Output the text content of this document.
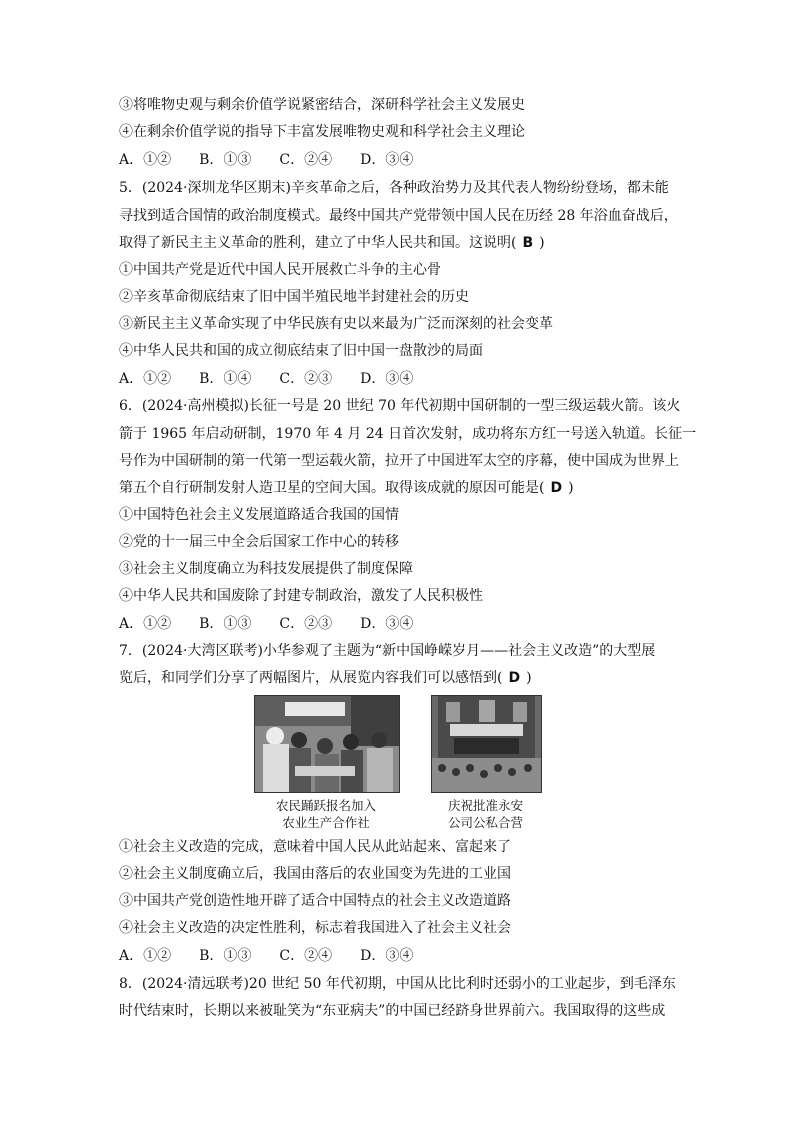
③将唯物史观与剩余价值学说紧密结合，深研科学社会主义发展史
④在剩余价值学说的指导下丰富发展唯物史观和科学社会主义理论
A．①② B．①③ C．②④ D．③④
5．(2024·深圳龙华区期末)辛亥革命之后，各种政治势力及其代表人物纷纷登场，都未能
寻找到适合国情的政治制度模式。最终中国共产党带领中国人民在历经 28 年浴血奋战后，
取得了新民主主义革命的胜利，建立了中华人民共和国。这说明( B )
①中国共产党是近代中国人民开展救亡斗争的主心骨
②辛亥革命彻底结束了旧中国半殖民地半封建社会的历史
③新民主主义革命实现了中华民族有史以来最为广泛而深刻的社会变革
④中华人民共和国的成立彻底结束了旧中国一盘散沙的局面
A．①② B．①④ C．②③ D．③④
6．(2024·高州模拟)长征一号是 20 世纪 70 年代初期中国研制的一型三级运载火箭。该火
箭于 1965 年启动研制，1970 年 4 月 24 日首次发射，成功将东方红一号送入轨道。长征一
号作为中国研制的第一代第一型运载火箭，拉开了中国进军太空的序幕，使中国成为世界上
第五个自行研制发射人造卫星的空间大国。取得该成就的原因可能是( D )
①中国特色社会主义发展道路适合我国的国情
②党的十一届三中全会后国家工作中心的转移
③社会主义制度确立为科技发展提供了制度保障
④中华人民共和国废除了封建专制政治，激发了人民积极性
A．①② B．①③ C．②③ D．③④
7．(2024·大湾区联考)小华参观了主题为“新中国峥嵘岁月——社会主义改造”的大型展
览后，和同学们分享了两幅图片，从展览内容我们可以感悟到( D )
农民踊跃报名加入
农业生产合作社
庆祝批准永安
公司公私合营
①社会主义改造的完成，意味着中国人民从此站起来、富起来了
②社会主义制度确立后，我国由落后的农业国变为先进的工业国
③中国共产党创造性地开辟了适合中国特点的社会主义改造道路
④社会主义改造的决定性胜利，标志着我国进入了社会主义社会
A．①② B．①③ C．②④ D．③④
8．(2024·清远联考)20 世纪 50 年代初期，中国从比比利时还弱小的工业起步，到毛泽东
时代结束时，长期以来被耻笑为“东亚病夫”的中国已经跻身世界前六。我国取得的这些成
